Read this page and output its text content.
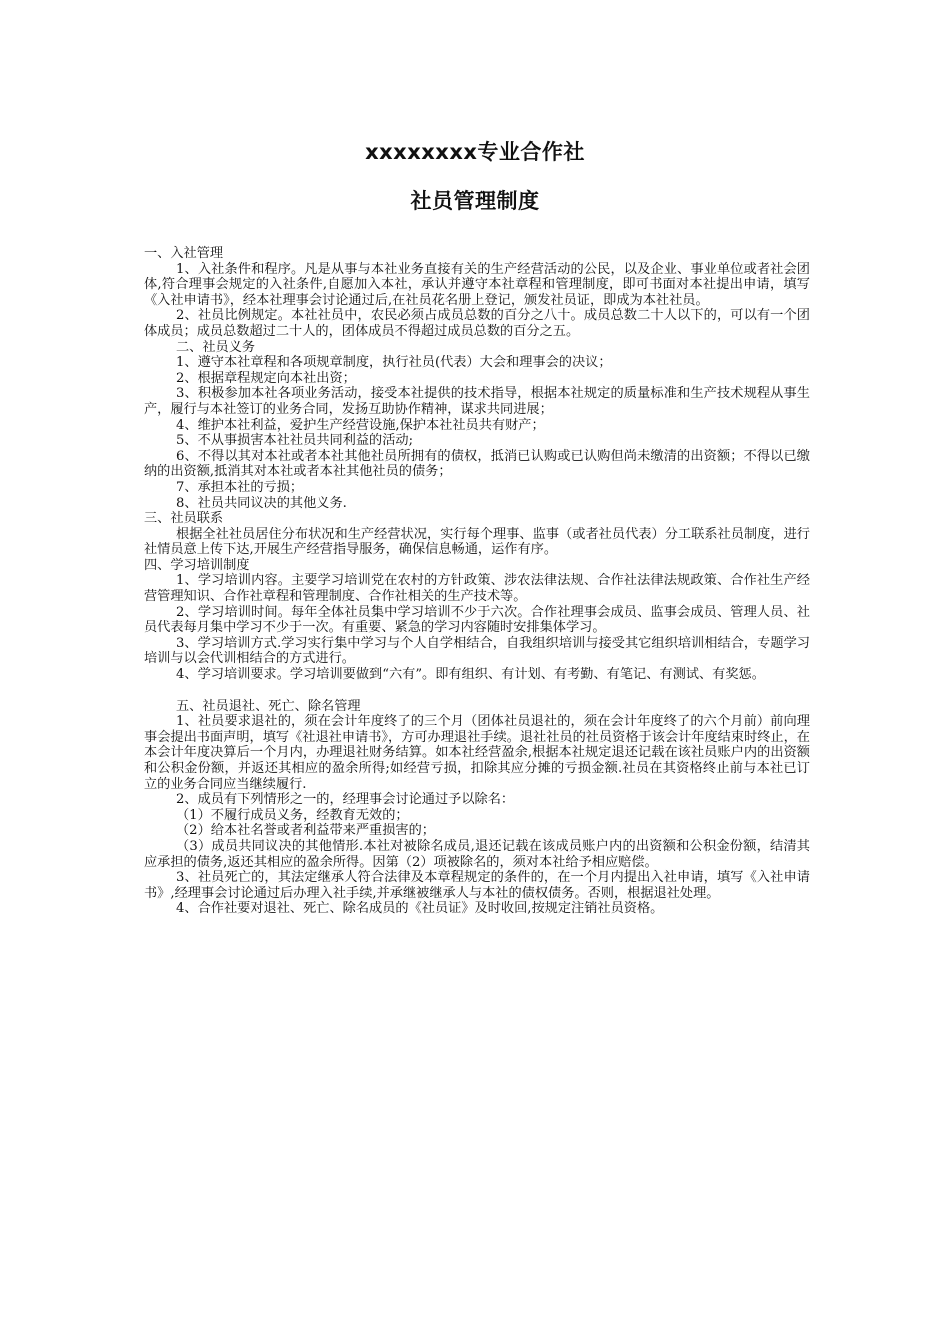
xxxxxxxx专业合作社
社员管理制度

一、入社管理

1、入社条件和程序。凡是从事与本社业务直接有关的生产经营活动的公民，以及企业、事业单位或者社会团体,符合理事会规定的入社条件,自愿加入本社，承认并遵守本社章程和管理制度，即可书面对本社提出申请，填写《入社申请书》，经本社理事会讨论通过后,在社员花名册上登记，颁发社员证，即成为本社社员。

2、社员比例规定。本社社员中，农民必须占成员总数的百分之八十。成员总数二十人以下的，可以有一个团体成员；成员总数超过二十人的，团体成员不得超过成员总数的百分之五。

二、社员义务

1、遵守本社章程和各项规章制度，执行社员(代表）大会和理事会的决议；

2、根据章程规定向本社出资；

3、积极参加本社各项业务活动，接受本社提供的技术指导，根据本社规定的质量标准和生产技术规程从事生产，履行与本社签订的业务合同，发扬互助协作精神，谋求共同进展；

4、维护本社利益，爱护生产经营设施,保护本社社员共有财产；

5、不从事损害本社社员共同利益的活动;

6、不得以其对本社或者本社其他社员所拥有的债权，抵消已认购或已认购但尚未缴清的出资额；不得以已缴纳的出资额,抵消其对本社或者本社其他社员的债务；

7、承担本社的亏损；

8、社员共同议决的其他义务.

三、社员联系

根据全社社员居住分布状况和生产经营状况，实行每个理事、监事（或者社员代表）分工联系社员制度，进行社情员意上传下达,开展生产经营指导服务，确保信息畅通，运作有序。

四、学习培训制度

1、学习培训内容。主要学习培训党在农村的方针政策、涉农法律法规、合作社法律法规政策、合作社生产经营管理知识、合作社章程和管理制度、合作社相关的生产技术等。

2、学习培训时间。每年全体社员集中学习培训不少于六次。合作社理事会成员、监事会成员、管理人员、社员代表每月集中学习不少于一次。有重要、紧急的学习内容随时安排集体学习。

3、学习培训方式.学习实行集中学习与个人自学相结合，自我组织培训与接受其它组织培训相结合，专题学习培训与以会代训相结合的方式进行。

4、学习培训要求。学习培训要做到“六有”。即有组织、有计划、有考勤、有笔记、有测试、有奖惩。

五、社员退社、死亡、除名管理

1、社员要求退社的，须在会计年度终了的三个月（团体社员退社的，须在会计年度终了的六个月前）前向理事会提出书面声明，填写《社退社申请书》，方可办理退社手续。退社社员的社员资格于该会计年度结束时终止，在本会计年度决算后一个月内，办理退社财务结算。如本社经营盈余,根据本社规定退还记载在该社员账户内的出资额和公积金份额，并返还其相应的盈余所得;如经营亏损，扣除其应分摊的亏损金额.社员在其资格终止前与本社已订立的业务合同应当继续履行.

2、成员有下列情形之一的，经理事会讨论通过予以除名：

（1）不履行成员义务，经教育无效的；

（2）给本社名誉或者利益带来严重损害的；

（3）成员共同议决的其他情形.本社对被除名成员,退还记载在该成员账户内的出资额和公积金份额，结清其应承担的债务,返还其相应的盈余所得。因第（2）项被除名的，须对本社给予相应赔偿。

3、社员死亡的，其法定继承人符合法律及本章程规定的条件的，在一个月内提出入社申请，填写《入社申请书》,经理事会讨论通过后办理入社手续,并承继被继承人与本社的债权债务。否则，根据退社处理。

4、合作社要对退社、死亡、除名成员的《社员证》及时收回,按规定注销社员资格。
